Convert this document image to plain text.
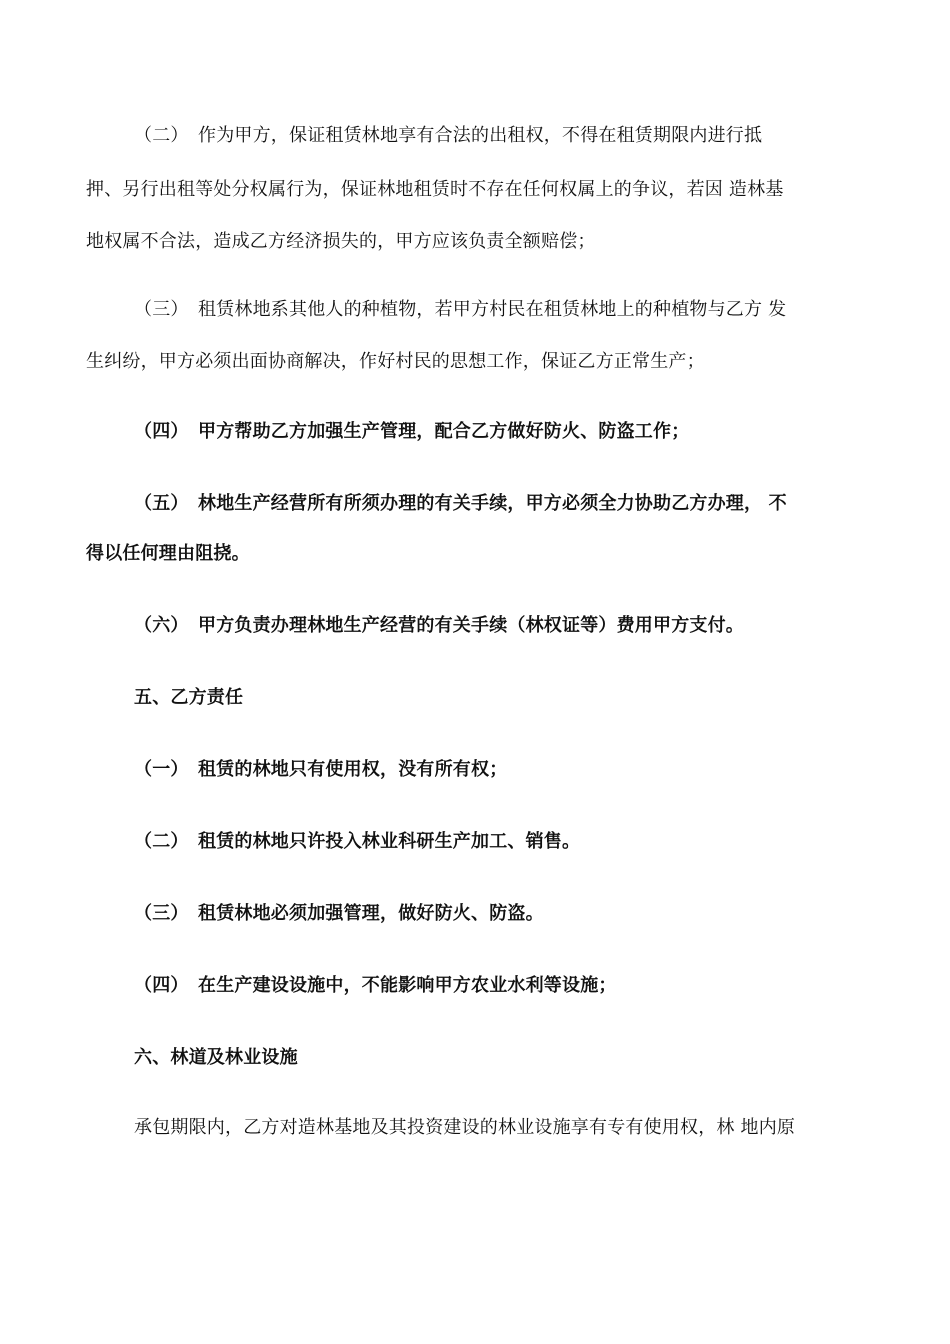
（二） 作为甲方，保证租赁林地享有合法的出租权，不得在租赁期限内进行抵
押、另行出租等处分权属行为，保证林地租赁时不存在任何权属上的争议，若因 造林基
地权属不合法，造成乙方经济损失的，甲方应该负责全额赔偿；
（三） 租赁林地系其他人的种植物，若甲方村民在租赁林地上的种植物与乙方 发
生纠纷，甲方必须出面协商解决，作好村民的思想工作，保证乙方正常生产；
（四） 甲方帮助乙方加强生产管理，配合乙方做好防火、防盗工作；
（五） 林地生产经营所有所须办理的有关手续，甲方必须全力协助乙方办理， 不
得以任何理由阻挠。
（六） 甲方负责办理林地生产经营的有关手续（林权证等）费用甲方支付。
五、乙方责任
（一） 租赁的林地只有使用权，没有所有权；
（二） 租赁的林地只许投入林业科研生产加工、销售。
（三） 租赁林地必须加强管理，做好防火、防盗。
（四） 在生产建设设施中，不能影响甲方农业水利等设施；
六、林道及林业设施
承包期限内，乙方对造林基地及其投资建设的林业设施享有专有使用权，林 地内原
